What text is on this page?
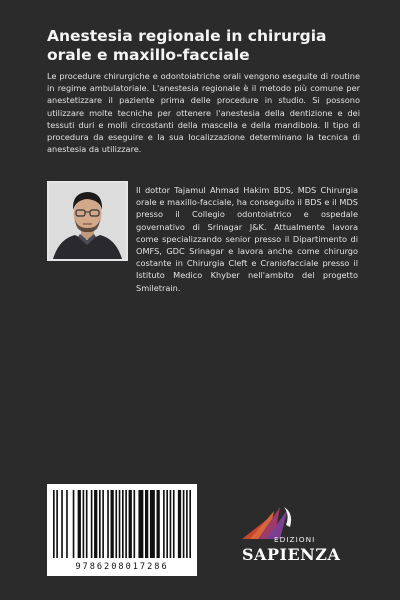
Anestesia regionale in chirurgia orale e maxillo-facciale

Le procedure chirurgiche e odontoiatriche orali vengono eseguite di routine in regime ambulatoriale. L'anestesia regionale è il metodo più comune per anestetizzare il paziente prima delle procedure in studio. Si possono utilizzare molte tecniche per ottenere l'anestesia della dentizione e dei tessuti duri e molli circostanti della mascella e della mandibola. Il tipo di procedura da eseguire e la sua localizzazione determinano la tecnica di anestesia da utilizzare.

Il dottor Tajamul Ahmad Hakim BDS, MDS Chirurgia orale e maxillo-facciale, ha conseguito il BDS e il MDS presso il Collegio odontoiatrico e ospedale governativo di Srinagar J&K. Attualmente lavora come specializzando senior presso il Dipartimento di OMFS, GDC Srinagar e lavora anche come chirurgo costante in Chirurgia Cleft e Craniofacciale presso il Istituto Medico Khyber nell'ambito del progetto Smiletrain.

9786208017286
EDIZIONI
SAPIENZA
